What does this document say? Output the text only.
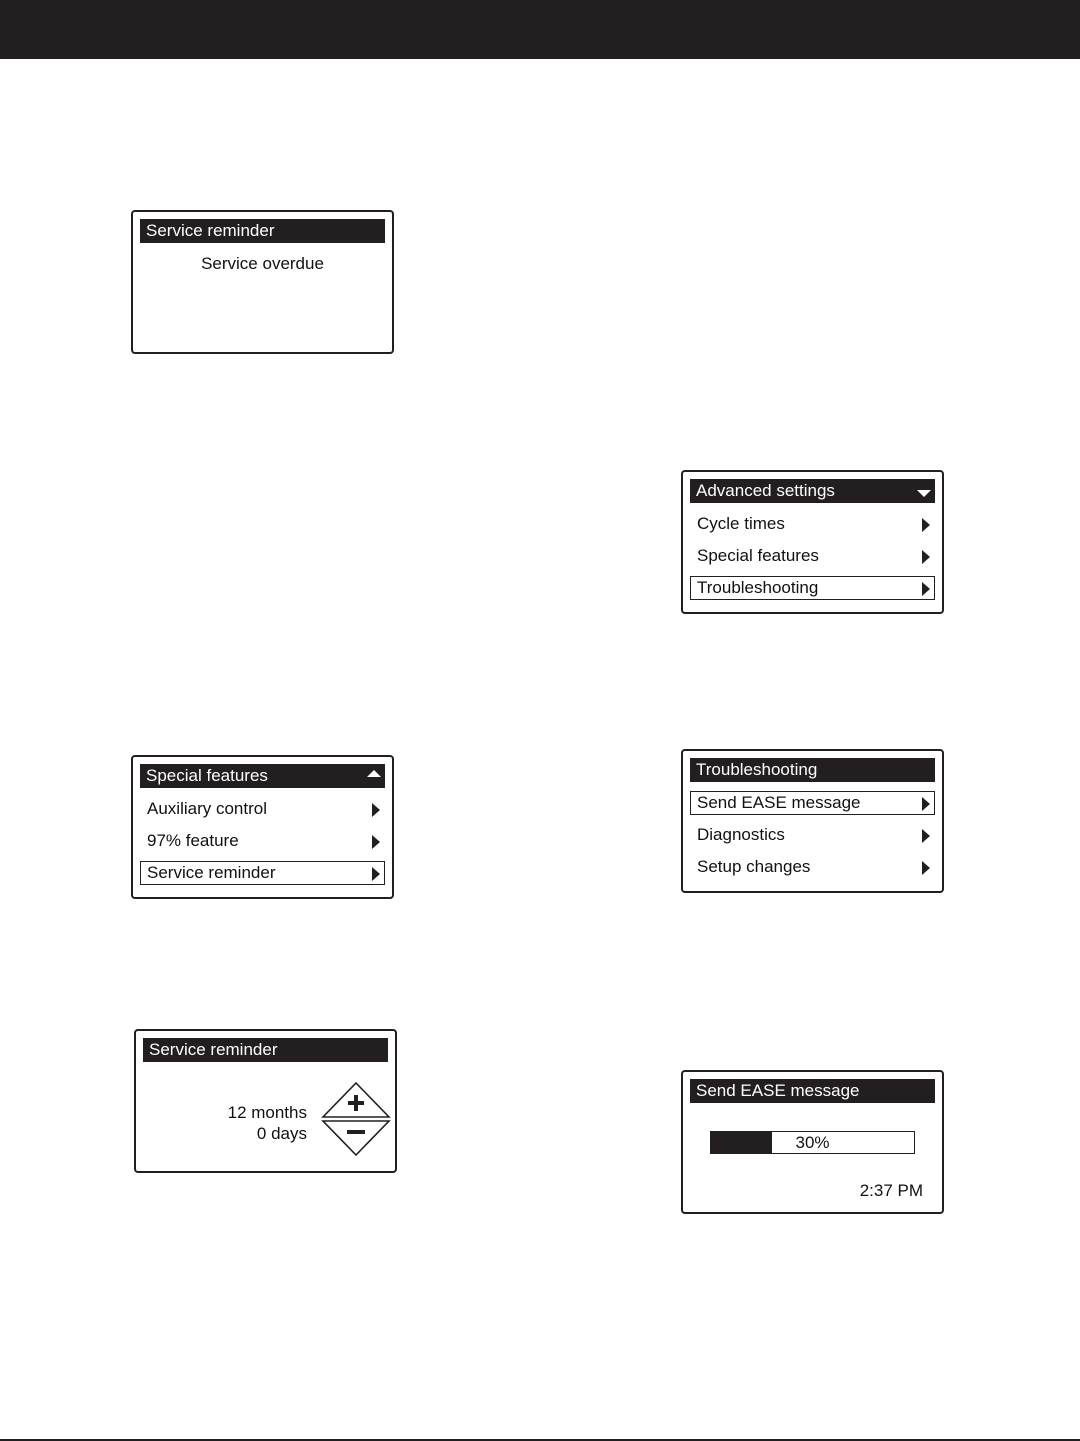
Service reminder
Service overdue
Special features
Auxiliary control
97% feature
Service reminder
Service reminder
12 months
0 days
Advanced settings
Cycle times
Special features
Troubleshooting
Troubleshooting
Send EASE message
Diagnostics
Setup changes
Send EASE message
30%
2:37 PM
